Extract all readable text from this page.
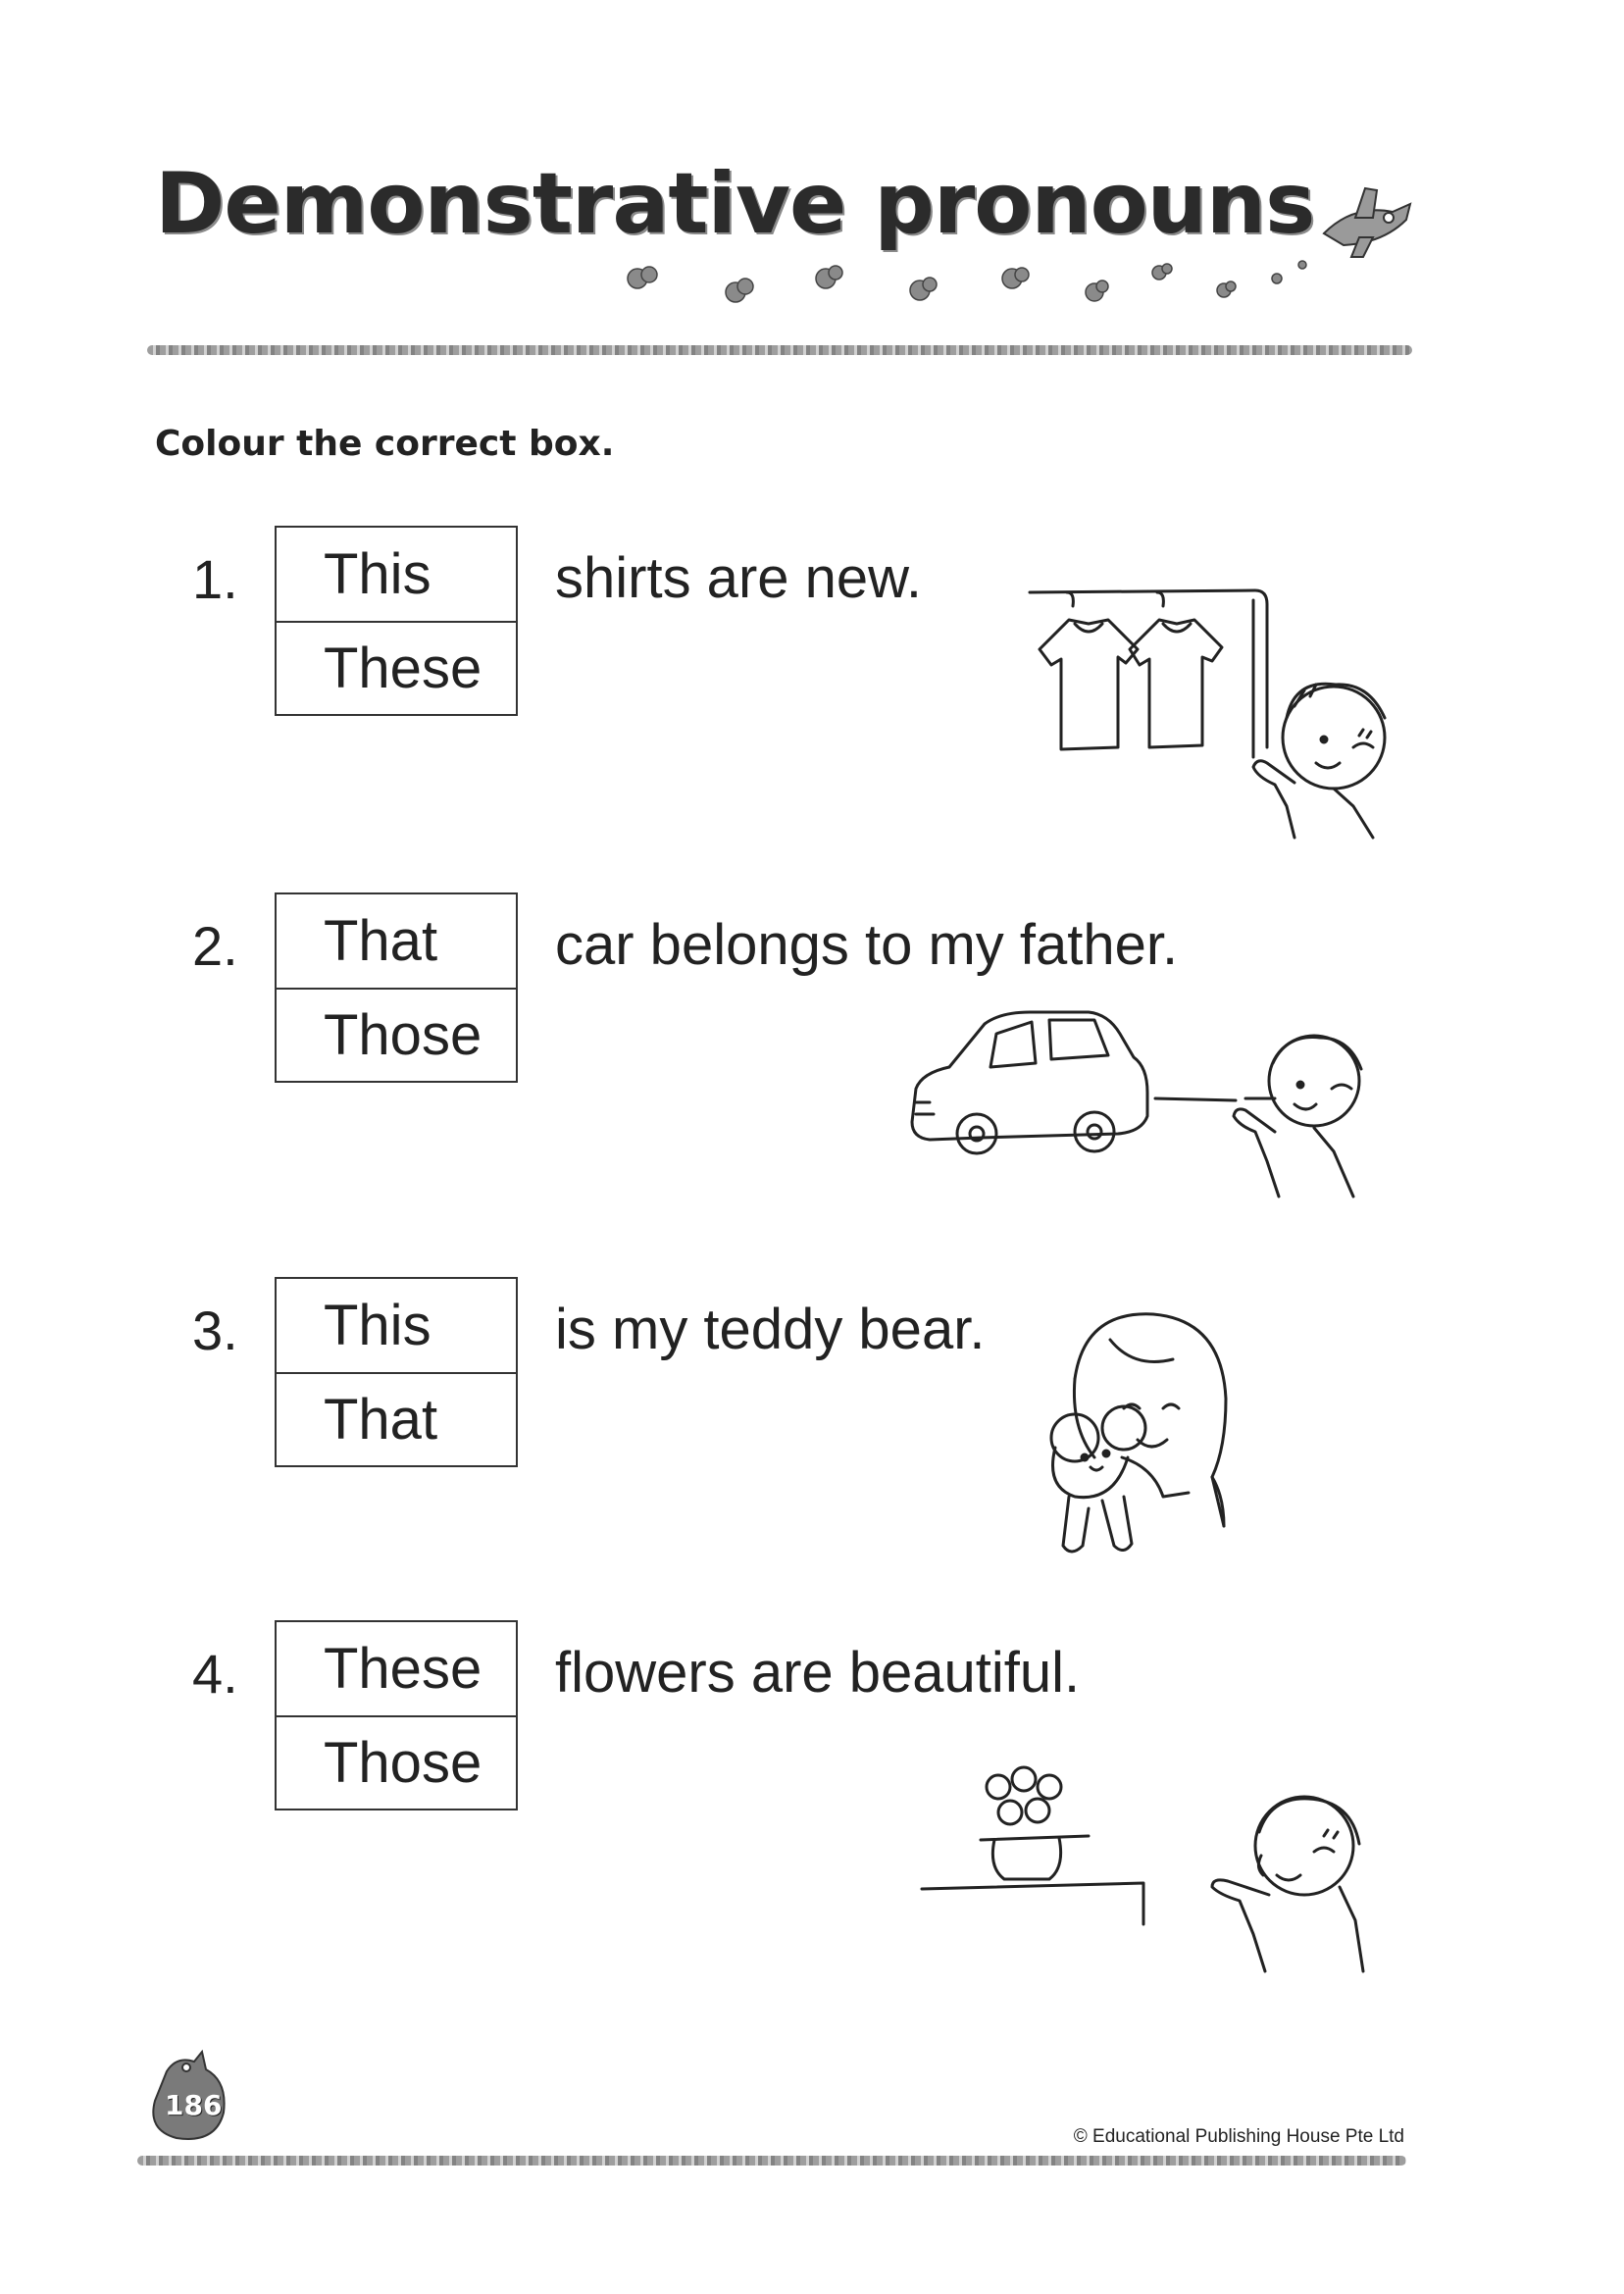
Demonstrative pronouns
Colour the correct box.
1.	This
These
shirts are new.
2.	That
Those
car belongs to my father.
3.	This
That
is my teddy bear.
4.	These
Those
flowers are beautiful.
186
© Educational Publishing House Pte Ltd
